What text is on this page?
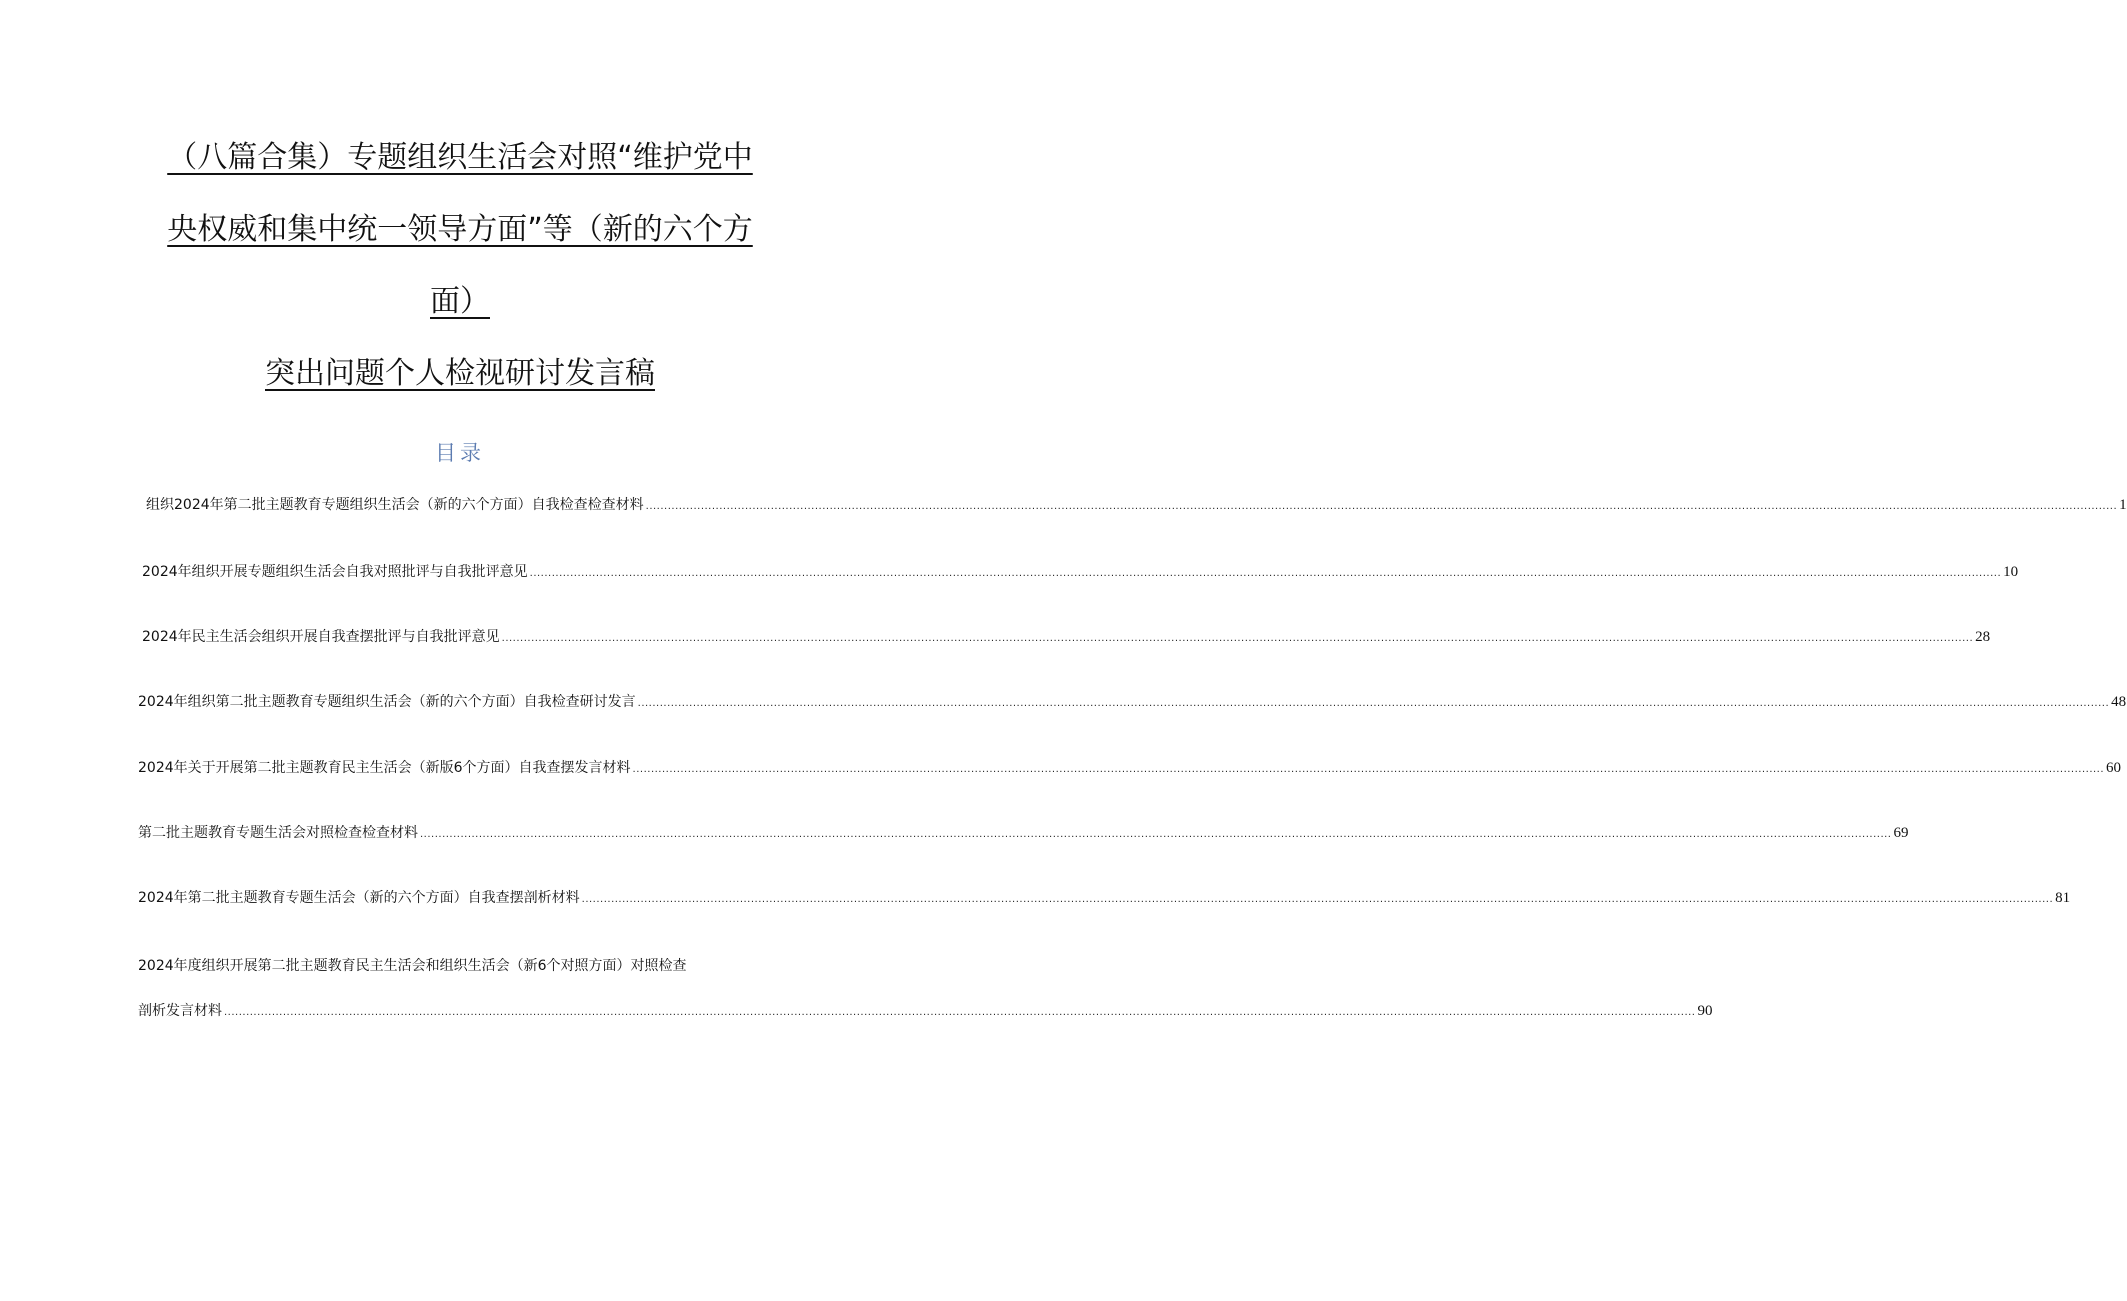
（八篇合集）专题组织生活会对照“维护党中
央权威和集中统一领导方面”等（新的六个方
面）
突出问题个人检视研讨发言稿
目录
组织2024年第二批主题教育专题组织生活会（新的六个方面）自我检查检查材料 ................................................................................................................................................................................................................................................................................................................................................................................................................ 1
2024年组织开展专题组织生活会自我对照批评与自我批评意见 ................................................................................................................................................................................................................................................................................................................................................................................................................ 10
2024年民主生活会组织开展自我查摆批评与自我批评意见 ................................................................................................................................................................................................................................................................................................................................................................................................................ 28
2024年组织第二批主题教育专题组织生活会（新的六个方面）自我检查研讨发言 ................................................................................................................................................................................................................................................................................................................................................................................................................ 48
2024年关于开展第二批主题教育民主生活会（新版6个方面）自我查摆发言材料 ................................................................................................................................................................................................................................................................................................................................................................................................................ 60
第二批主题教育专题生活会对照检查检查材料 ................................................................................................................................................................................................................................................................................................................................................................................................................ 69
2024年第二批主题教育专题生活会（新的六个方面）自我查摆剖析材料 ................................................................................................................................................................................................................................................................................................................................................................................................................ 81
2024年度组织开展第二批主题教育民主生活会和组织生活会（新6个对照方面）对照检查
剖析发言材料 ................................................................................................................................................................................................................................................................................................................................................................................................................ 90
